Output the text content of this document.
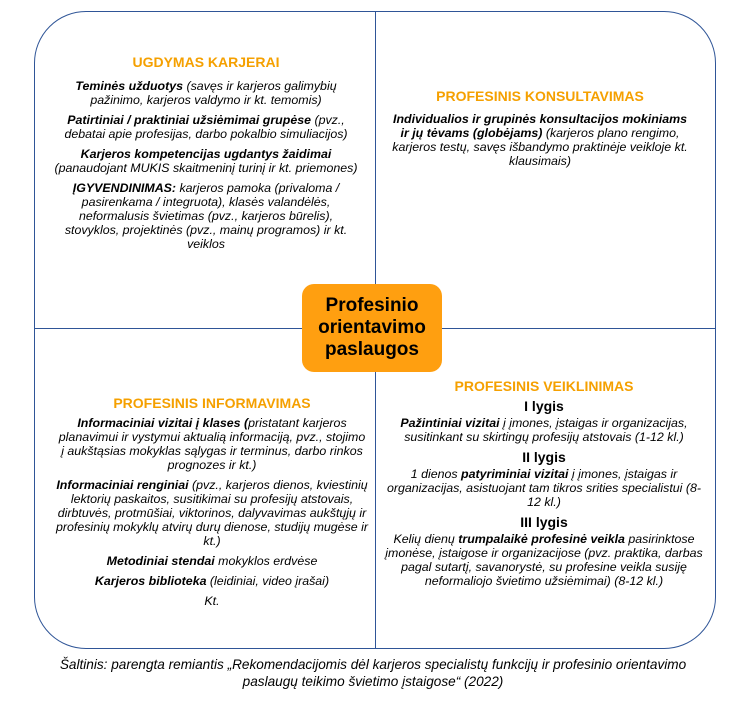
UGDYMAS KARJERAI
Teminės užduotys (savęs ir karjeros galimybių pažinimo, karjeros valdymo ir kt. temomis)
Patirtiniai / praktiniai užsiėmimai grupėse (pvz., debatai apie profesijas, darbo pokalbio simuliacijos)
Karjeros kompetencijas ugdantys žaidimai (panaudojant MUKIS skaitmeninį turinį ir kt. priemones)
ĮGYVENDINIMAS: karjeros pamoka (privaloma / pasirenkama / integruota), klasės valandėlės, neformalusis švietimas (pvz., karjeros būrelis), stovyklos, projektinės (pvz., mainų programos) ir kt. veiklos
PROFESINIS KONSULTAVIMAS
Individualios ir grupinės konsultacijos mokiniams ir jų tėvams (globėjams) (karjeros plano rengimo, karjeros testų, savęs išbandymo praktinėje veikloje kt. klausimais)
Profesinio
orientavimo
paslaugos
PROFESINIS INFORMAVIMAS
Informaciniai vizitai į klases (pristatant karjeros planavimui ir vystymui aktualią informaciją, pvz., stojimo į aukštąsias mokyklas sąlygas ir terminus, darbo rinkos prognozes ir kt.)
Informaciniai renginiai (pvz., karjeros dienos, kviestinių lektorių paskaitos, susitikimai su profesijų atstovais, dirbtuvės, protmūšiai, viktorinos, dalyvavimas aukštųjų ir profesinių mokyklų atvirų durų dienose, studijų mugėse ir kt.)
Metodiniai stendai mokyklos erdvėse
Karjeros biblioteka (leidiniai, video įrašai)
Kt.
PROFESINIS VEIKLINIMAS
I lygis
Pažintiniai vizitai į įmones, įstaigas ir organizacijas, susitinkant su skirtingų profesijų atstovais (1-12 kl.)
II lygis
1 dienos patyriminiai vizitai į įmones, įstaigas ir organizacijas, asistuojant tam tikros srities specialistui (8-12 kl.)
III lygis
Kelių dienų trumpalaikė profesinė veikla pasirinktose įmonėse, įstaigose ir organizacijose (pvz. praktika, darbas pagal sutartį, savanorystė, su profesine veikla susiję neformaliojo švietimo užsiėmimai) (8-12 kl.)
Šaltinis: parengta remiantis „Rekomendacijomis dėl karjeros specialistų funkcijų ir profesinio orientavimo
paslaugų teikimo švietimo įstaigose“ (2022)
